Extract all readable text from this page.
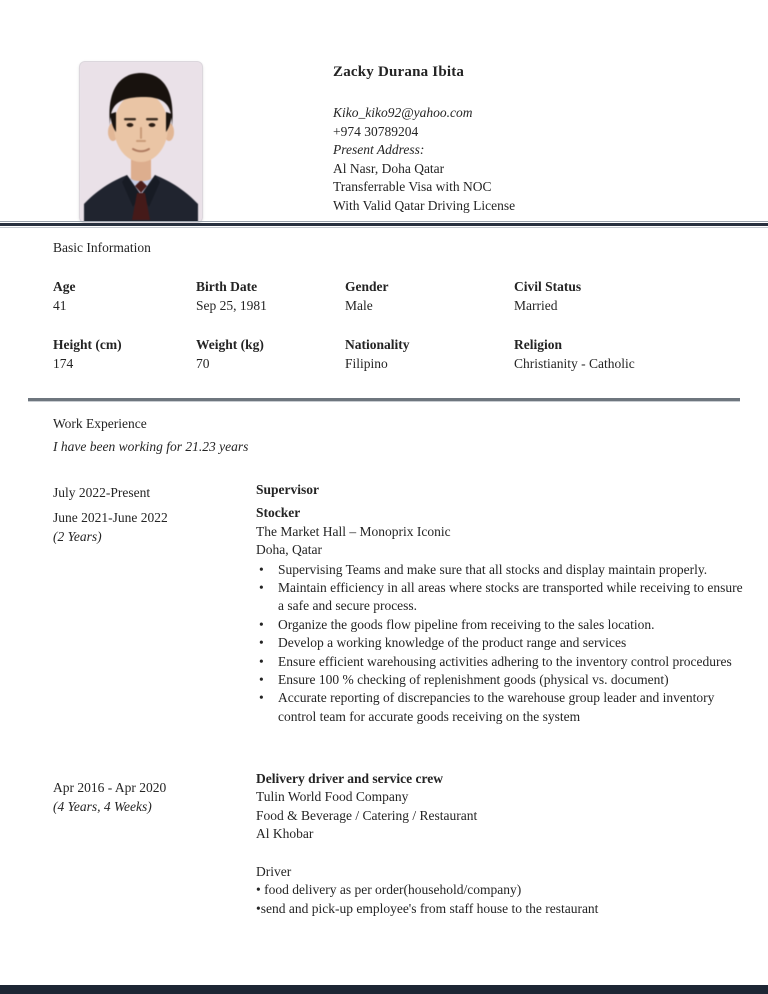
Zacky Durana Ibita
Kiko_kiko92@yahoo.com
+974 30789204
Present Address:
Al Nasr, Doha Qatar
Transferrable Visa with NOC
With Valid Qatar Driving License
Basic Information
Age
41
Birth Date
Sep 25, 1981
Gender
Male
Civil Status
Married
Height (cm)
174
Weight (kg)
70
Nationality
Filipino
Religion
Christianity - Catholic
Work Experience
I have been working for 21.23 years
July 2022-Present
June 2021-June 2022
(2 Years)
Supervisor
Stocker
The Market Hall – Monoprix Iconic
Doha, Qatar
• Supervising Teams and make sure that all stocks and display maintain properly.
• Maintain efficiency in all areas where stocks are transported while receiving to ensure a safe and secure process.
• Organize the goods flow pipeline from receiving to the sales location.
• Develop a working knowledge of the product range and services
• Ensure efficient warehousing activities adhering to the inventory control procedures
• Ensure 100 % checking of replenishment goods (physical vs. document)
• Accurate reporting of discrepancies to the warehouse group leader and inventory control team for accurate goods receiving on the system
Apr 2016 - Apr 2020
(4 Years, 4 Weeks)
Delivery driver and service crew
Tulin World Food Company
Food & Beverage / Catering / Restaurant
Al Khobar
Driver
• food delivery as per order(household/company)
•send and pick-up employee's from staff house to the restaurant
